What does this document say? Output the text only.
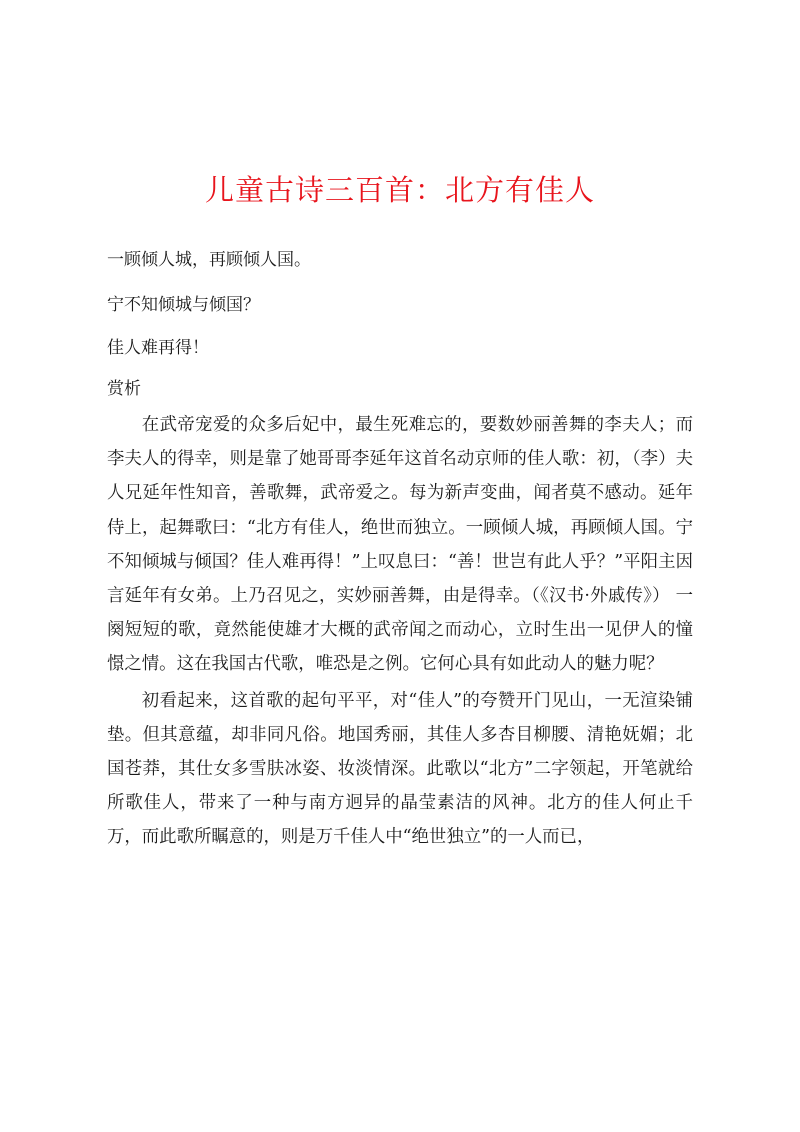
儿童古诗三百首：北方有佳人

一顾倾人城，再顾倾人国。

宁不知倾城与倾国？

佳人难再得！

赏析

在武帝宠爱的众多后妃中，最生死难忘的，要数妙丽善舞的李夫人；而李夫人的得幸，则是靠了她哥哥李延年这首名动京师的佳人歌：初，（李）夫人兄延年性知音，善歌舞，武帝爱之。每为新声变曲，闻者莫不感动。延年侍上，起舞歌曰：“北方有佳人，绝世而独立。一顾倾人城，再顾倾人国。宁不知倾城与倾国？佳人难再得！”上叹息曰：“善！世岂有此人乎？”平阳主因言延年有女弟。上乃召见之，实妙丽善舞，由是得幸。（《汉书·外戚传》） 一阕短短的歌，竟然能使雄才大概的武帝闻之而动心，立时生出一见伊人的憧憬之情。这在我国古代歌，唯恐是之例。它何心具有如此动人的魅力呢？

初看起来，这首歌的起句平平，对“佳人”的夸赞开门见山，一无渲染铺垫。但其意蕴，却非同凡俗。地国秀丽，其佳人多杏目柳腰、清艳妩媚；北国苍莽，其仕女多雪肤冰姿、妆淡情深。此歌以“北方”二字领起，开笔就给所歌佳人，带来了一种与南方迥异的晶莹素洁的风神。北方的佳人何止千万，而此歌所瞩意的，则是万千佳人中“绝世独立”的一人而已，
